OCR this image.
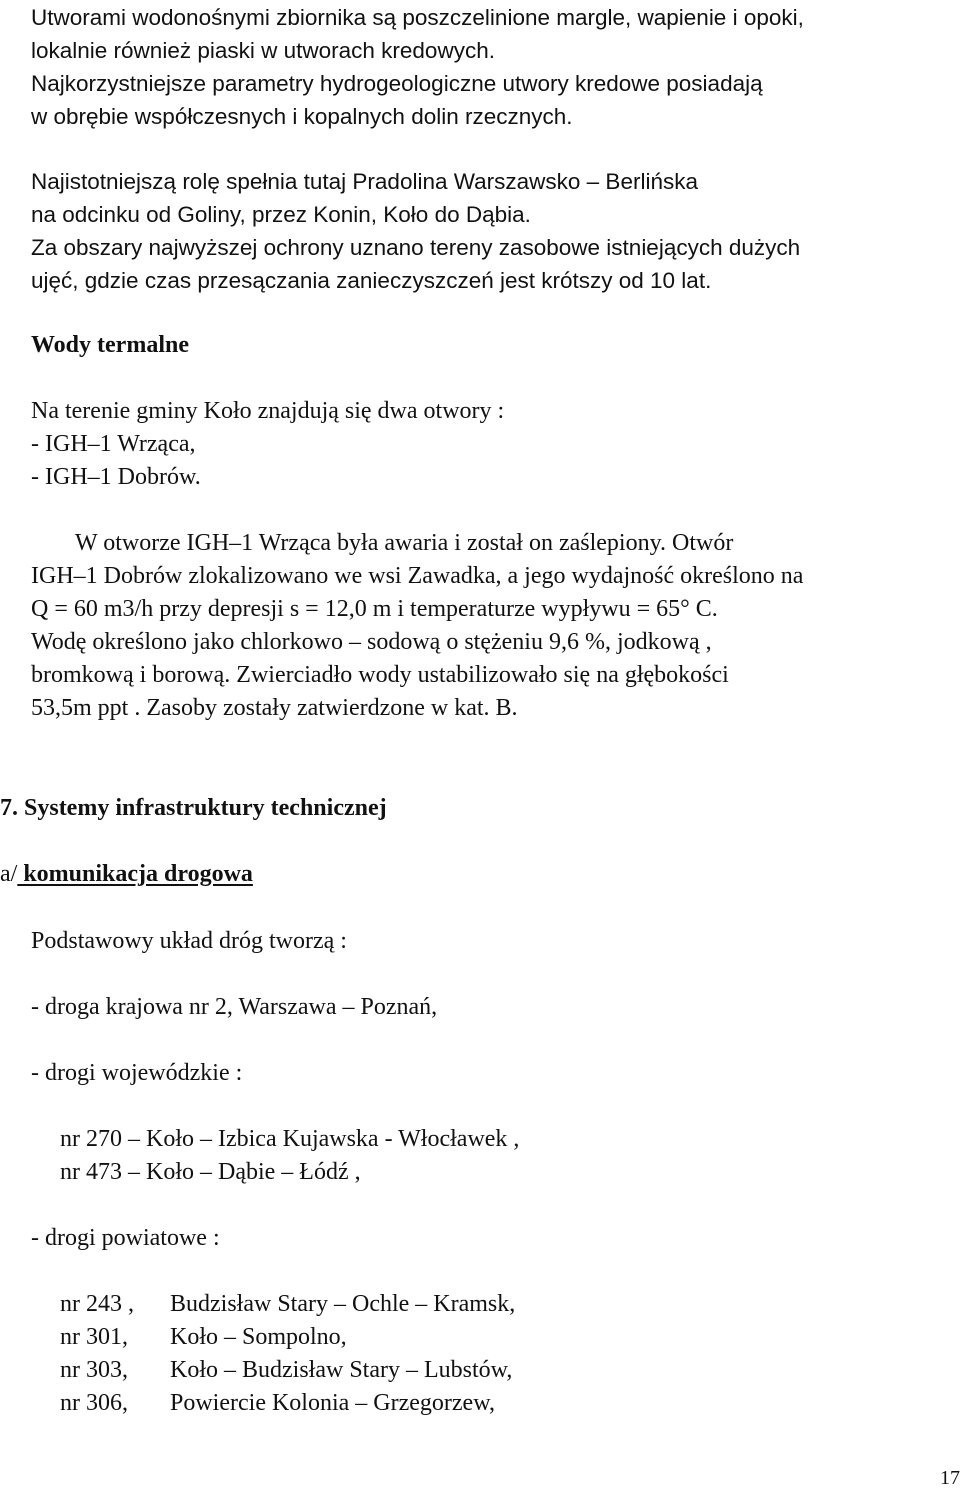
Utworami wodonośnymi zbiornika są poszczelinione margle, wapienie i opoki,

lokalnie również piaski w utworach kredowych.

Najkorzystniejsze parametry hydrogeologiczne utwory kredowe posiadają

w obrębie współczesnych i kopalnych dolin rzecznych.

Najistotniejszą rolę spełnia tutaj Pradolina Warszawsko – Berlińska

na odcinku od Goliny, przez Konin, Koło do Dąbia.

Za obszary najwyższej ochrony uznano tereny zasobowe istniejących dużych

ujęć, gdzie czas przesączania zanieczyszczeń jest krótszy od 10 lat.

Wody termalne

Na terenie gminy Koło znajdują się dwa otwory :

- IGH–1 Wrząca,

- IGH–1 Dobrów.

W otworze IGH–1 Wrząca była awaria i został on zaślepiony. Otwór

IGH–1 Dobrów zlokalizowano we wsi Zawadka, a jego wydajność określono na

Q = 60 m3/h przy depresji s = 12,0 m i temperaturze wypływu = 65° C.

Wodę określono jako chlorkowo – sodową o stężeniu 9,6 %, jodkową ,

bromkową i borową. Zwierciadło wody ustabilizowało się na głębokości

53,5m ppt . Zasoby zostały zatwierdzone w kat. B.

7. Systemy infrastruktury technicznej
a/ komunikacja drogowa
Podstawowy układ dróg tworzą :
- droga krajowa nr 2, Warszawa – Poznań,
- drogi wojewódzkie :
nr 270 – Koło – Izbica Kujawska - Włocławek ,
nr 473 – Koło – Dąbie – Łódź ,
- drogi powiatowe :
nr 243 , Budzisław Stary – Ochle – Kramsk,
nr 301, Koło – Sompolno,
nr 303, Koło – Budzisław Stary – Lubstów,
nr 306, Powiercie Kolonia – Grzegorzew,
17
